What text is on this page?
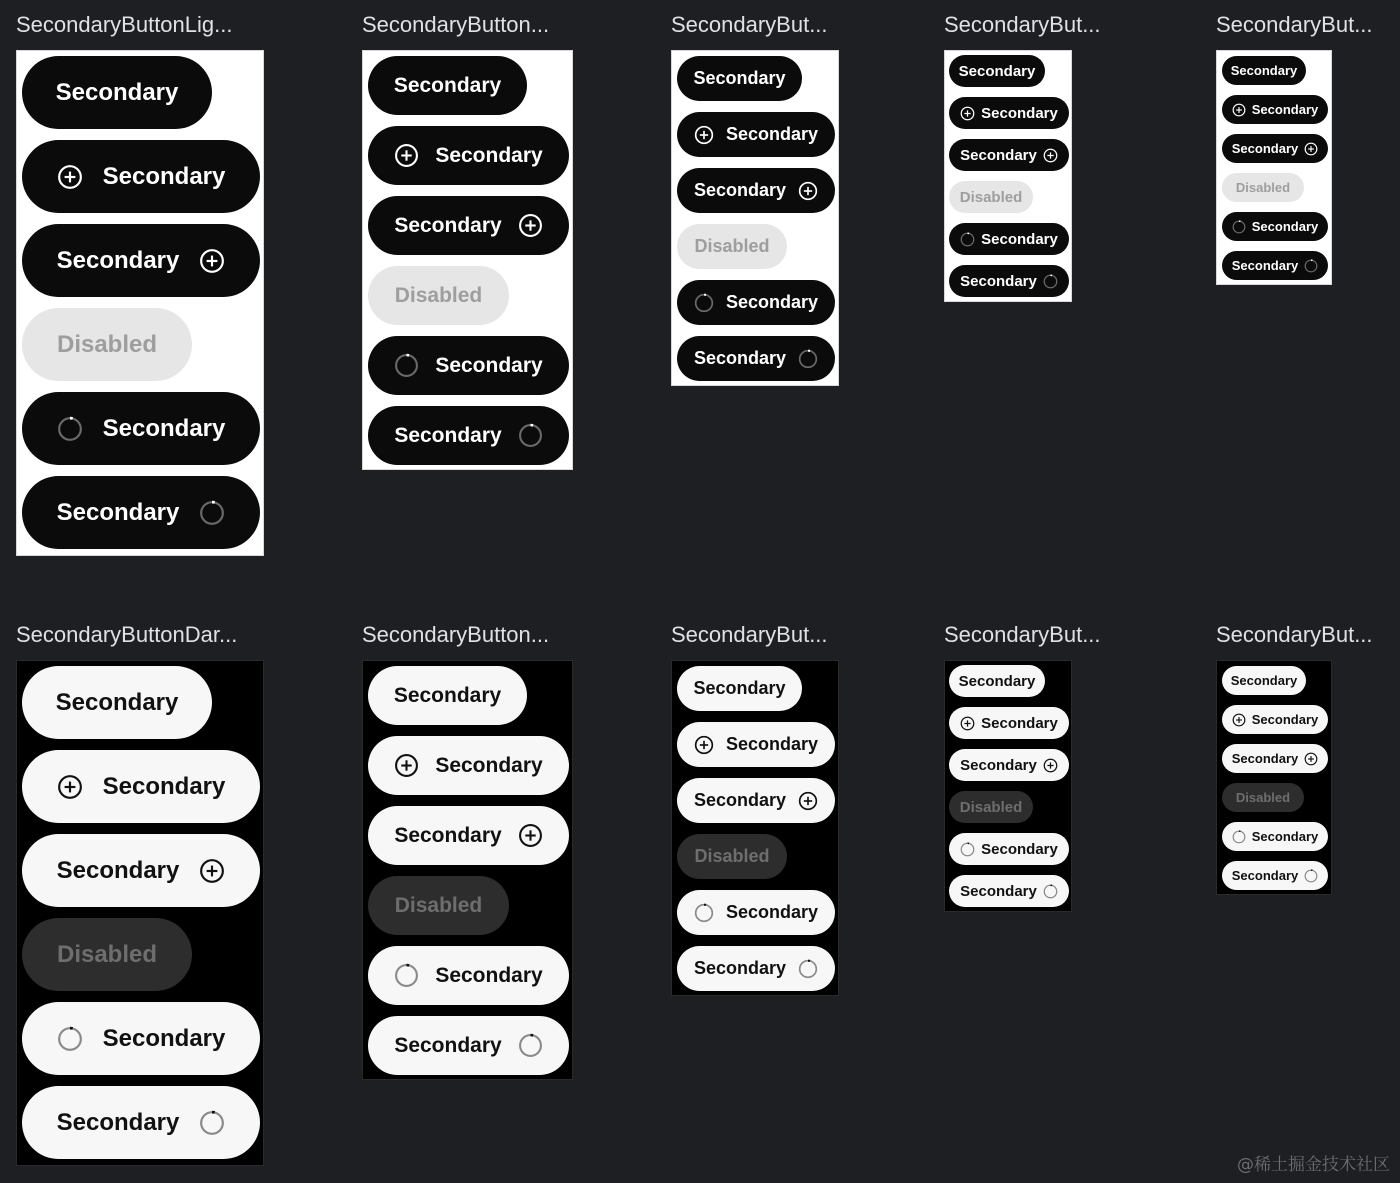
SecondaryButtonLig...
Secondary
Secondary
Secondary
Disabled
Secondary
Secondary
SecondaryButton...
Secondary
Secondary
Secondary
Disabled
Secondary
Secondary
SecondaryBut...
Secondary
Secondary
Secondary
Disabled
Secondary
Secondary
SecondaryBut...
Secondary
Secondary
Secondary
Disabled
Secondary
Secondary
SecondaryBut...
Secondary
Secondary
Secondary
Disabled
Secondary
Secondary
SecondaryButtonDar...
Secondary
Secondary
Secondary
Disabled
Secondary
Secondary
SecondaryButton...
Secondary
Secondary
Secondary
Disabled
Secondary
Secondary
SecondaryBut...
Secondary
Secondary
Secondary
Disabled
Secondary
Secondary
SecondaryBut...
Secondary
Secondary
Secondary
Disabled
Secondary
Secondary
SecondaryBut...
Secondary
Secondary
Secondary
Disabled
Secondary
Secondary
@稀土掘金技术社区
